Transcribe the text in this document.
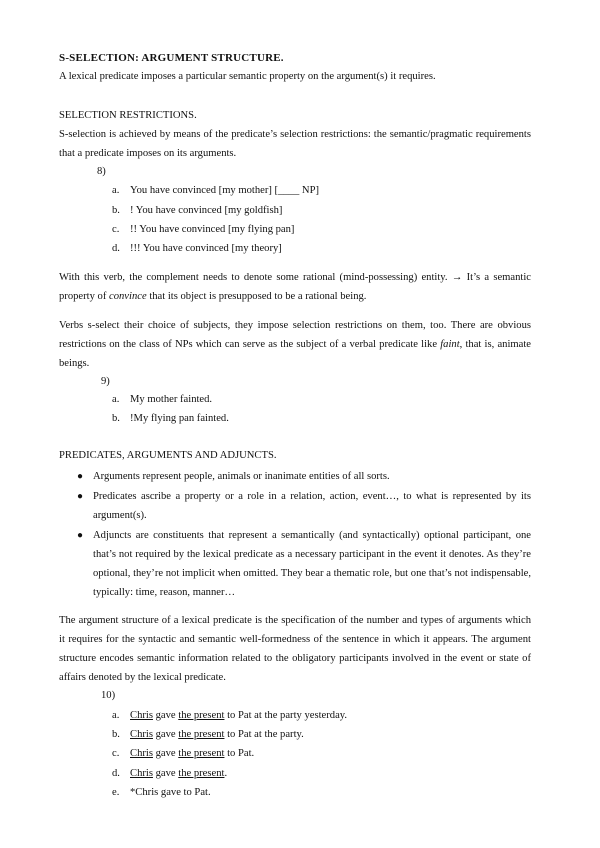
S-SELECTION: ARGUMENT STRUCTURE.
A lexical predicate imposes a particular semantic property on the argument(s) it requires.
SELECTION RESTRICTIONS.
S-selection is achieved by means of the predicate’s selection restrictions: the semantic/pragmatic requirements that a predicate imposes on its arguments.
8)
a.	You have convinced [my mother] [____ NP]
b. ! You have convinced [my goldfish]
c.	!! You have convinced [my flying pan]
d. !!! You have convinced [my theory]
With this verb, the complement needs to denote some rational (mind-possessing) entity. → It’s a semantic property of convince that its object is presupposed to be a rational being.
Verbs s-select their choice of subjects, they impose selection restrictions on them, too. There are obvious restrictions on the class of NPs which can serve as the subject of a verbal predicate like faint, that is, animate beings.
9)
a.	My mother fainted.
b. !My flying pan fainted.
PREDICATES, ARGUMENTS AND ADJUNCTS.
● Arguments represent people, animals or inanimate entities of all sorts.
● Predicates ascribe a property or a role in a relation, action, event…, to what is represented by its argument(s).
● Adjuncts are constituents that represent a semantically (and syntactically) optional participant, one that’s not required by the lexical predicate as a necessary participant in the event it denotes. As they’re optional, they’re not implicit when omitted. They bear a thematic role, but one that’s not indispensable, typically: time, reason, manner…
The argument structure of a lexical predicate is the specification of the number and types of arguments which it requires for the syntactic and semantic well-formedness of the sentence in which it appears. The argument structure encodes semantic information related to the obligatory participants involved in the event or state of affairs denoted by the lexical predicate.
10)
a.	Chris gave the present to Pat at the party yesterday.
b. Chris gave the present to Pat at the party.
c.	Chris gave the present to Pat.
d. Chris gave the present.
e.	*Chris gave to Pat.
